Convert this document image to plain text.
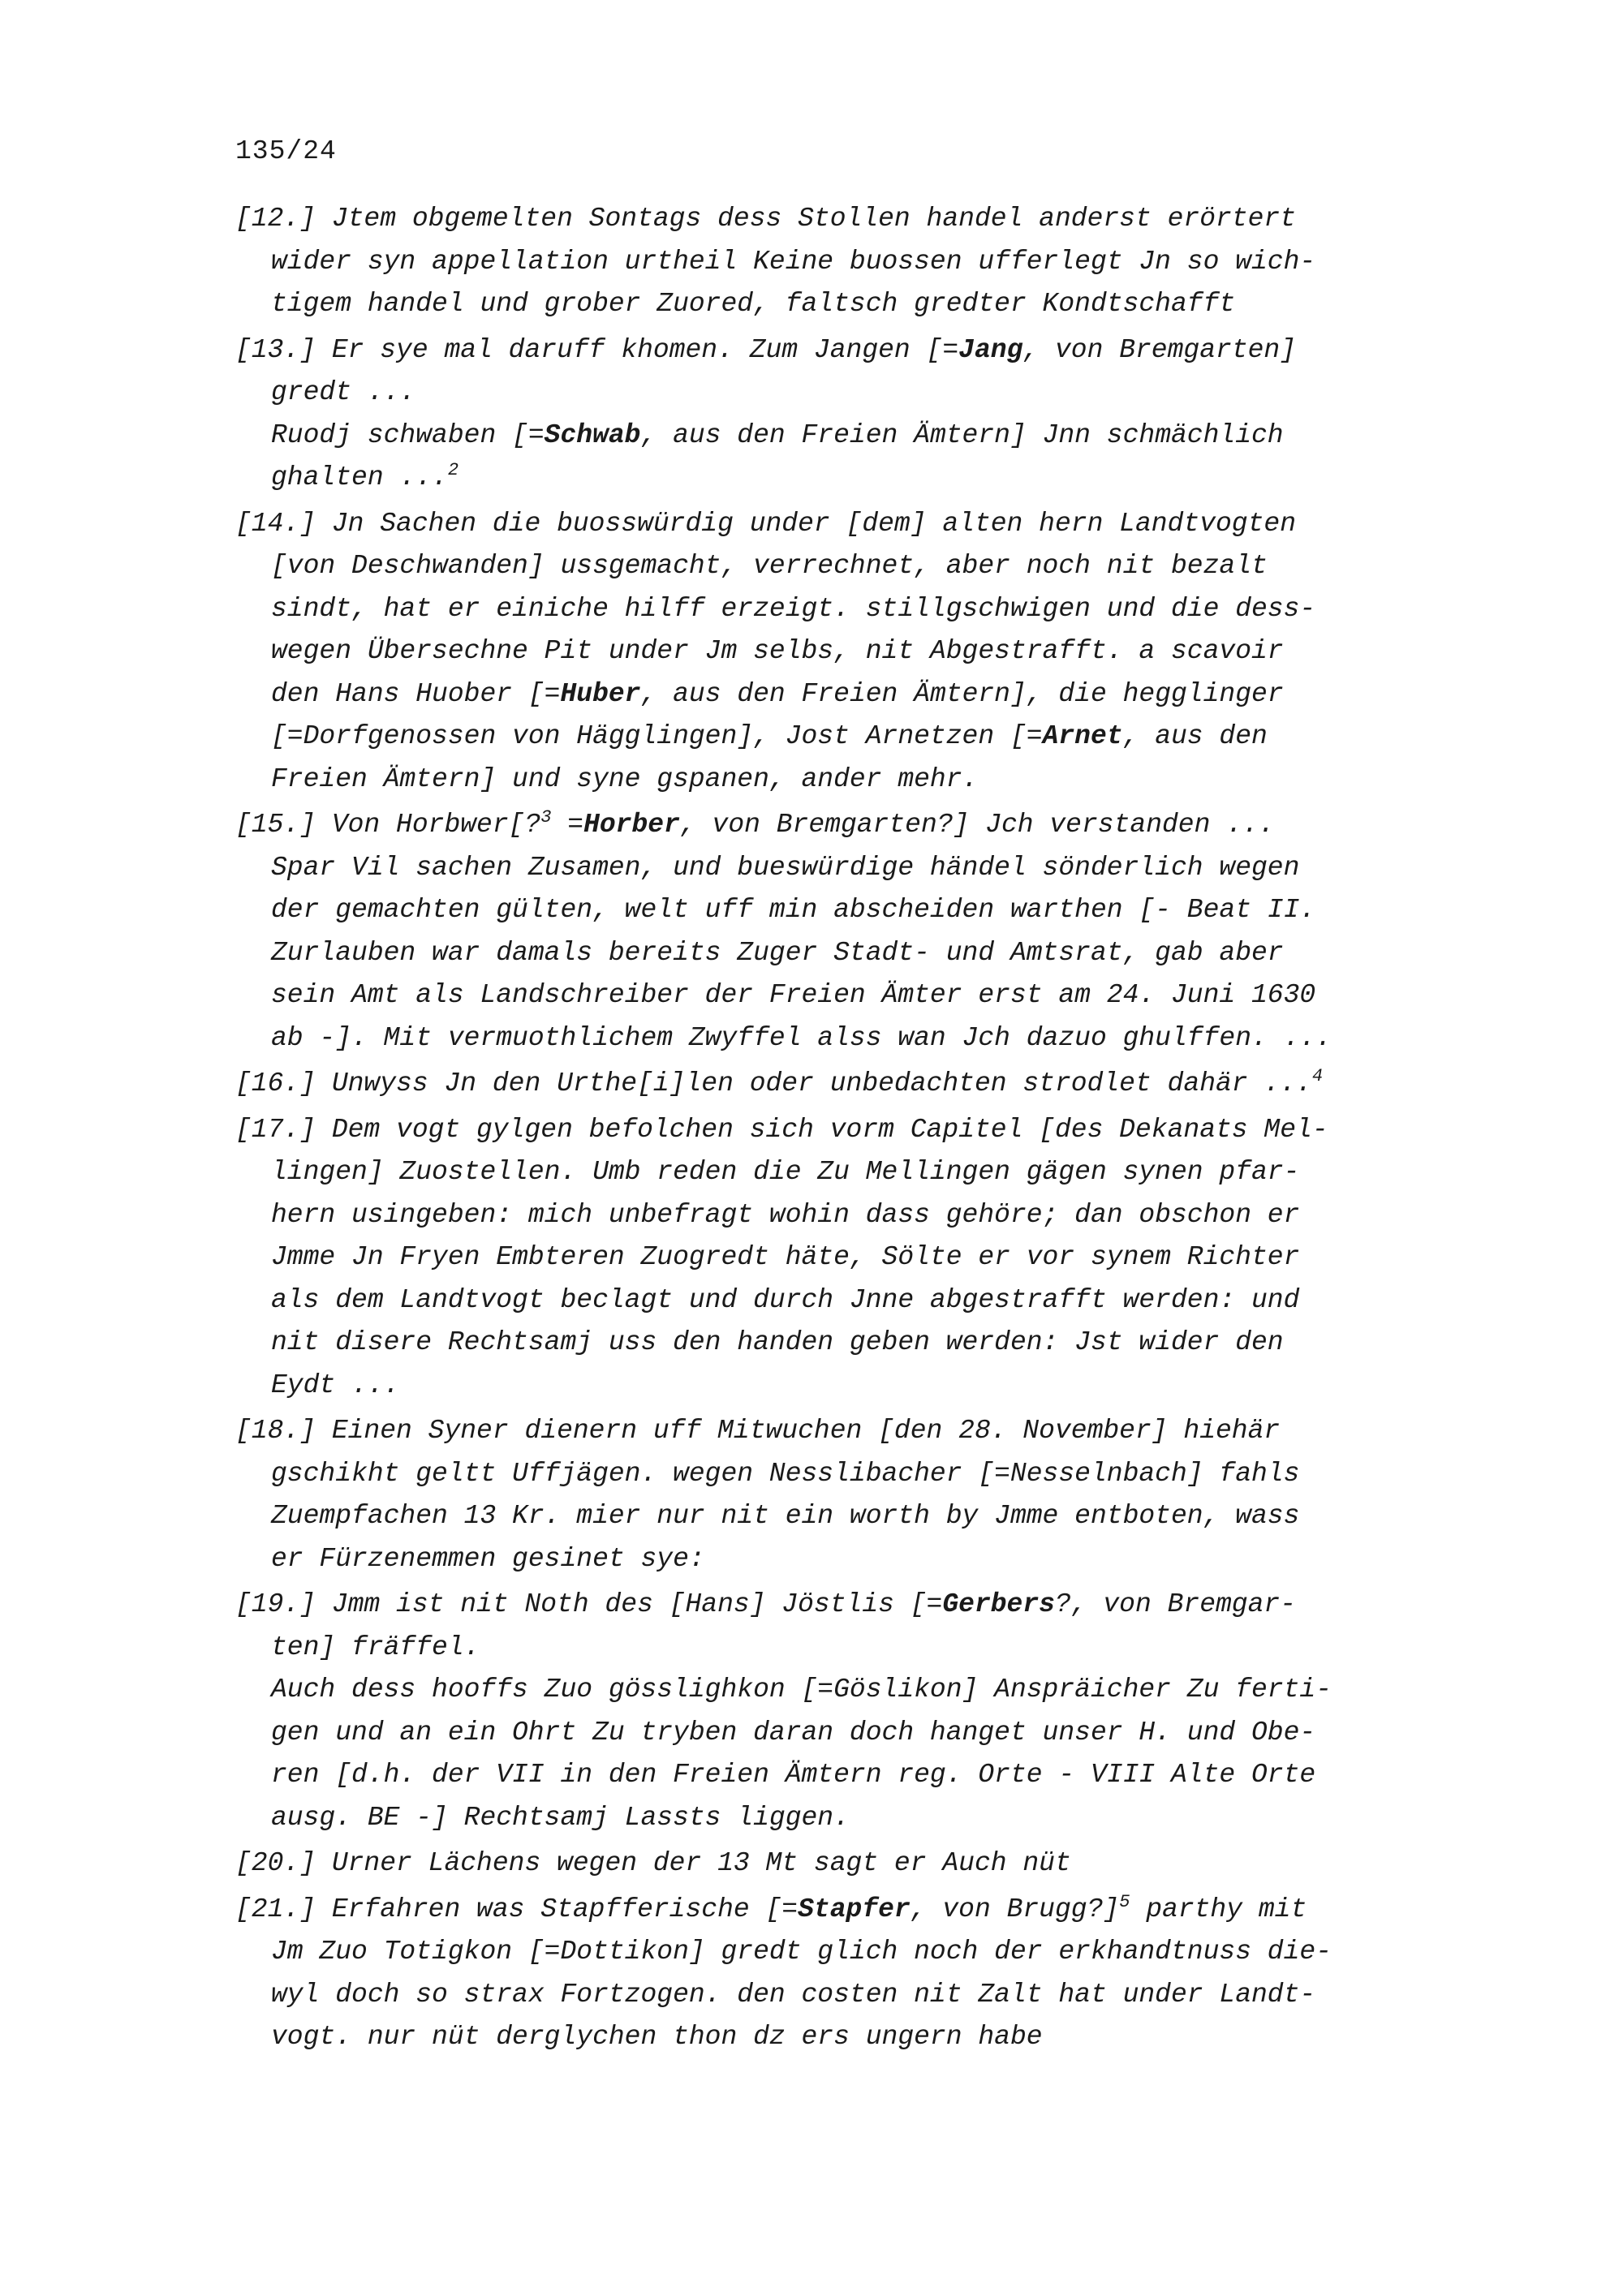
135/24
[12.] Jtem obgemelten Sontags dess Stollen handel anderst erörtert
wider syn appellation urtheil Keine buossen ufferlegt Jn so wich-
tigem handel und grober Zuored, faltsch gredter Kondtschafft
[13.] Er sye mal daruff khomen. Zum Jangen [=Jang, von Bremgarten]
gredt ...
Ruodj schwaben [=Schwab, aus den Freien Ämtern] Jnn schmächlich
ghalten ...$^2$
[14.] Jn Sachen die buosswürdig under [dem] alten hern Landtvogten
[von Deschwanden] ussgemacht, verrechnet, aber noch nit bezalt
sindt, hat er einiche hilff erzeigt. stillgschwigen und die dess-
wegen Übersechne Pit under Jm selbs, nit Abgestrafft. a scavoir
den Hans Huober [=Huber, aus den Freien Ämtern], die hegglinger
[=Dorfgenossen von Hägglingen], Jost Arnetzen [=Arnet, aus den
Freien Ämtern] und syne gspanen, ander mehr.
[15.] Von Horbwer[?$^3$ =Horber, von Bremgarten?] Jch verstanden ...
Spar Vil sachen Zusamen, und bueswürdige händel sönderlich wegen
der gemachten gülten, welt uff min abscheiden warthen [- Beat II.
Zurlauben war damals bereits Zuger Stadt- und Amtsrat, gab aber
sein Amt als Landschreiber der Freien Ämter erst am 24. Juni 1630
ab -]. Mit vermuothlichem Zwyffel alss wan Jch dazuo ghulffen. ...
[16.] Unwyss Jn den Urthe[i]len oder unbedachten strodlet dahär ...$^4$
[17.] Dem vogt gylgen befolchen sich vorm Capitel [des Dekanats Mel-
lingen] Zuostellen. Umb reden die Zu Mellingen gägen synen pfar-
hern usingeben: mich unbefragt wohin dass gehöre; dan obschon er
Jmme Jn Fryen Embteren Zuogredt häte, Sölte er vor synem Richter
als dem Landtvogt beclagt und durch Jnne abgestrafft werden: und
nit disere Rechtsamj uss den handen geben werden: Jst wider den
Eydt ...
[18.] Einen Syner dienern uff Mitwuchen [den 28. November] hiehär
gschikht geltt Uffjägen. wegen Nesslibacher [=Nesselnbach] fahls
Zuempfachen 13 Kr. mier nur nit ein worth by Jmme entboten, wass
er Fürzenemmen gesinet sye:
[19.] Jmm ist nit Noth des [Hans] Jöstlis [=Gerbers?, von Bremgar-
ten] fräffel.
Auch dess hooffs Zuo gösslighkon [=Göslikon] Anspräicher Zu ferti-
gen und an ein Ohrt Zu tryben daran doch hanget unser H. und Obe-
ren [d.h. der VII in den Freien Ämtern reg. Orte - VIII Alte Orte
ausg. BE -] Rechtsamj Lassts liggen.
[20.] Urner Lächens wegen der 13 Mt sagt er Auch nüt
[21.] Erfahren was Stapfferische [=Stapfer, von Brugg?]$^5$ parthy mit
Jm Zuo Totigkon [=Dottikon] gredt glich noch der erkhandtnuss die-
wyl doch so strax Fortzogen. den costen nit Zalt hat under Landt-
vogt. nur nüt derglychen thon dz ers ungern habe
